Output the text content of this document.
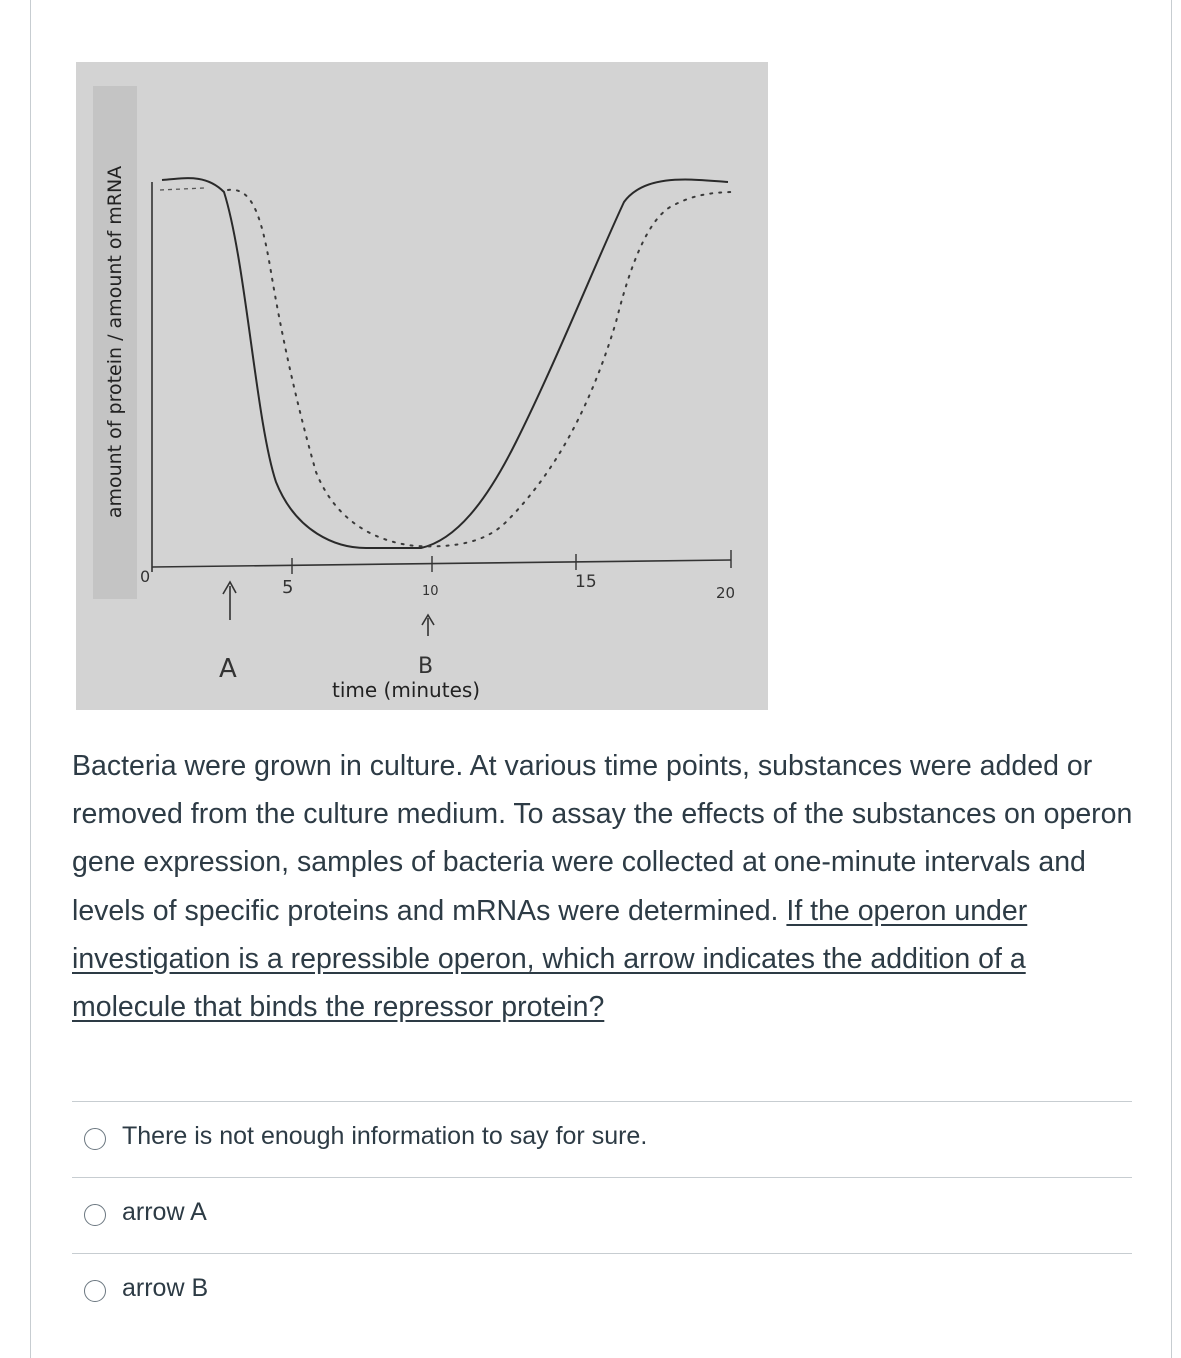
amount of protein / amount of mRNA
0
5	10	15
20
A	B
time (minutes)
Bacteria were grown in culture. At various time points, substances were added or removed from the culture medium. To assay the effects of the substances on operon gene expression, samples of bacteria were collected at one-minute intervals and levels of specific proteins and mRNAs were determined. If the operon under investigation is a repressible operon, which arrow indicates the addition of a molecule that binds the repressor protein?
There is not enough information to say for sure.
arrow A
arrow B
